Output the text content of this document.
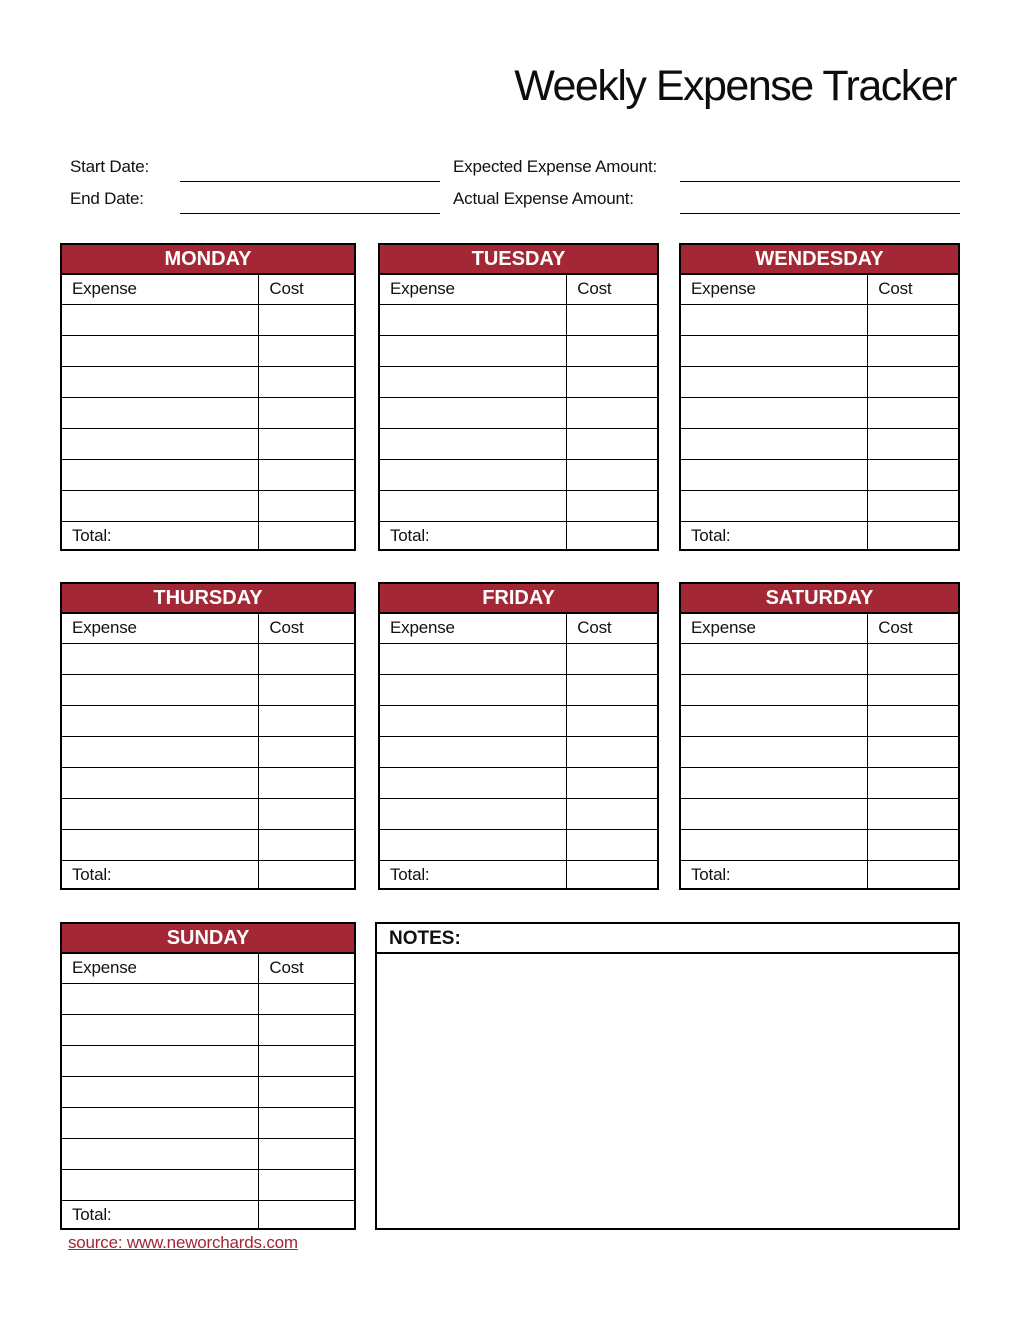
Weekly Expense Tracker
Start Date:	Expected Expense Amount:
End Date:	Actual Expense Amount:
MONDAY
Expense	Cost
Total:
TUESDAY
Expense	Cost
Total:
WENDESDAY
Expense	Cost
Total:
THURSDAY
Expense	Cost
Total:
FRIDAY
Expense	Cost
Total:
SATURDAY
Expense	Cost
Total:
SUNDAY
Expense	Cost
Total:
NOTES:
source: www.neworchards.com
